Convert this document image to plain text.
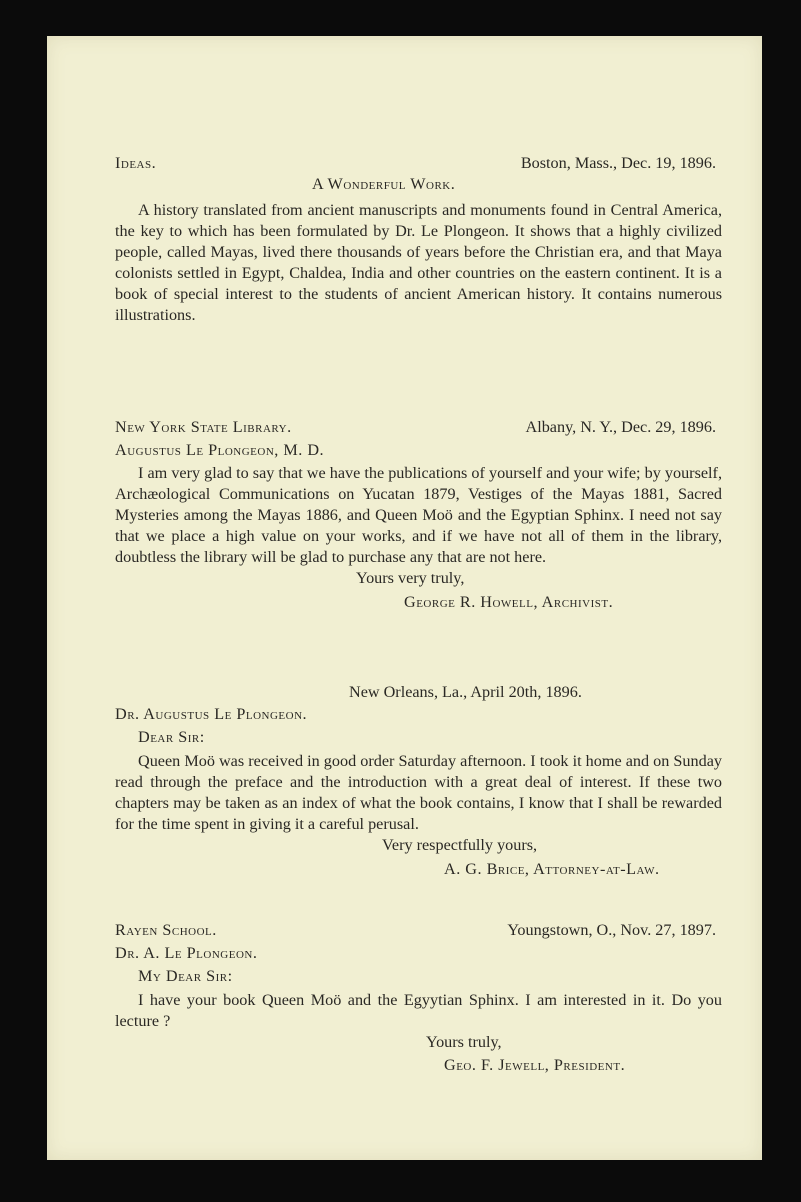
Ideas.	Boston, Mass., Dec. 19, 1896.
A Wonderful Work.

A history translated from ancient manuscripts and monuments found in Central America, the key to which has been formulated by Dr. Le Plongeon. It shows that a highly civilized people, called Mayas, lived there thousands of years before the Christian era, and that Maya colonists settled in Egypt, Chaldea, India and other countries on the eastern continent. It is a book of special interest to the students of ancient American history. It contains numerous illustrations.

New York State Library.	Albany, N. Y., Dec. 29, 1896.
Augustus Le Plongeon, M. D.

I am very glad to say that we have the publications of yourself and your wife; by yourself, Archæological Communications on Yucatan 1879, Vestiges of the Mayas 1881, Sacred Mysteries among the Mayas 1886, and Queen Moö and the Egyptian Sphinx. I need not say that we place a high value on your works, and if we have not all of them in the library, doubtless the library will be glad to purchase any that are not here.

Yours very truly,
George R. Howell, Archivist.
New Orleans, La., April 20th, 1896.
Dr. Augustus Le Plongeon.
Dear Sir:

Queen Moö was received in good order Saturday afternoon. I took it home and on Sunday read through the preface and the introduction with a great deal of interest. If these two chapters may be taken as an index of what the book contains, I know that I shall be rewarded for the time spent in giving it a careful perusal.

Very respectfully yours,
A. G. Brice, Attorney-at-Law.
Rayen School.	Youngstown, O., Nov. 27, 1897.
Dr. A. Le Plongeon.
My Dear Sir:

I have your book Queen Moö and the Egyytian Sphinx. I am interested in it. Do you lecture ?

Yours truly,
Geo. F. Jewell, President.
